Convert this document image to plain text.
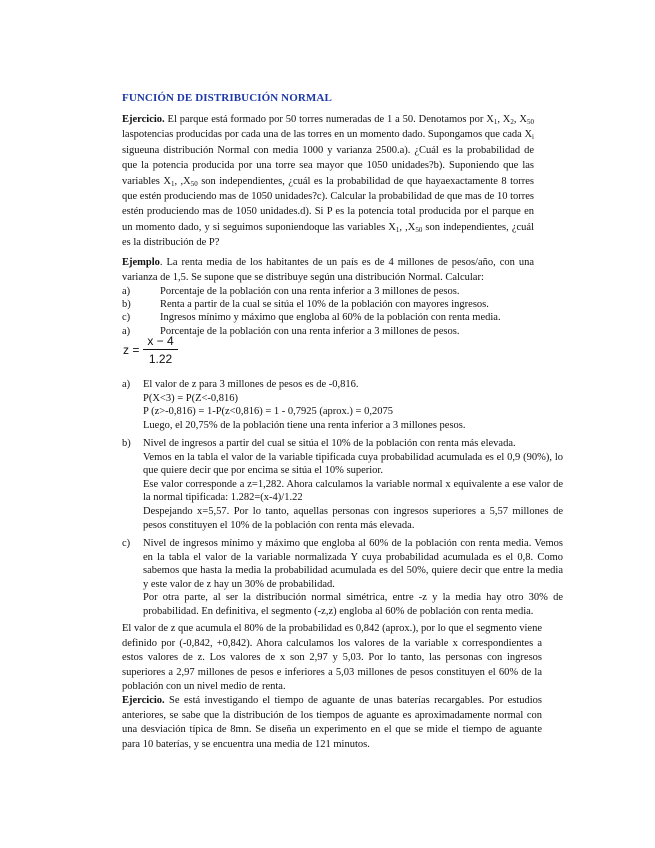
FUNCIÓN DE DISTRIBUCIÓN NORMAL
Ejercicio. El parque está formado por 50 torres numeradas de 1 a 50. Denotamos por $X_1$, $X_2$, $X_{50}$ laspotencias producidas por cada una de las torres en un momento dado. Supongamos que cada $X_i$ sigueuna distribución Normal con media 1000 y varianza 2500.a). ¿Cuál es la probabilidad de que la potencia producida por una torre sea mayor que 1050 unidades?b). Suponiendo que las variables $X_1$, $,X_{50}$ son independientes, ¿cuál es la probabilidad de que hayaexactamente 8 torres que estén produciendo mas de 1050 unidades?c). Calcular la probabilidad de que mas de 10 torres estén produciendo mas de 1050 unidades.d). Si P es la potencia total producida por el parque en un momento dado, y si seguimos suponiendoque las variables $X_1$, $,X_{50}$ son independientes, ¿cuál es la distribución de P?
Ejemplo. La renta media de los habitantes de un país es de 4 millones de pesos/año, con una varianza de 1,5. Se supone que se distribuye según una distribución Normal. Calcular:
a)	Porcentaje de la población con una renta inferior a 3 millones de pesos.
b)	Renta a partir de la cual se sitúa el 10% de la población con mayores ingresos.
c)	Ingresos mínimo y máximo que engloba al 60% de la población con renta media.
a)	Porcentaje de la población con una renta inferior a 3 millones de pesos.
$z = \frac{x - 4}{1.22}$
a) El valor de z para 3 millones de pesos es de -0,816.
P(X<3) = P(Z<-0,816)
P (z>-0,816) = 1-P(z<0,816) = 1 - 0,7925 (aprox.) = 0,2075
Luego, el 20,75% de la población tiene una renta inferior a 3 millones pesos.
b) Nivel de ingresos a partir del cual se sitúa el 10% de la población con renta más elevada.
Vemos en la tabla el valor de la variable tipificada cuya probabilidad acumulada es el 0,9 (90%), lo que quiere decir que por encima se sitúa el 10% superior.
Ese valor corresponde a z=1,282. Ahora calculamos la variable normal x equivalente a ese valor de la normal tipificada: 1.282=(x-4)/1.22
Despejando x=5,57. Por lo tanto, aquellas personas con ingresos superiores a 5,57 millones de pesos constituyen el 10% de la población con renta más elevada.
c) Nivel de ingresos mínimo y máximo que engloba al 60% de la población con renta media. Vemos en la tabla el valor de la variable normalizada Y cuya probabilidad acumulada es el 0,8. Como sabemos que hasta la media la probabilidad acumulada es del 50%, quiere decir que entre la media y este valor de z hay un 30% de probabilidad.
Por otra parte, al ser la distribución normal simétrica, entre -z y la media hay otro 30% de probabilidad. En definitiva, el segmento (-z,z) engloba al 60% de población con renta media.
El valor de z que acumula el 80% de la probabilidad es 0,842 (aprox.), por lo que el segmento viene definido por (-0,842, +0,842). Ahora calculamos los valores de la variable x correspondientes a estos valores de z. Los valores de x son 2,97 y 5,03. Por lo tanto, las personas con ingresos superiores a 2,97 millones de pesos e inferiores a 5,03 millones de pesos constituyen el 60% de la población con un nivel medio de renta.
Ejercicio. Se está investigando el tiempo de aguante de unas baterías recargables. Por estudios anteriores, se sabe que la distribución de los tiempos de aguante es aproximadamente normal con una desviación típica de 8mn. Se diseña un experimento en el que se mide el tiempo de aguante para 10 baterías, y se encuentra una media de 121 minutos.
